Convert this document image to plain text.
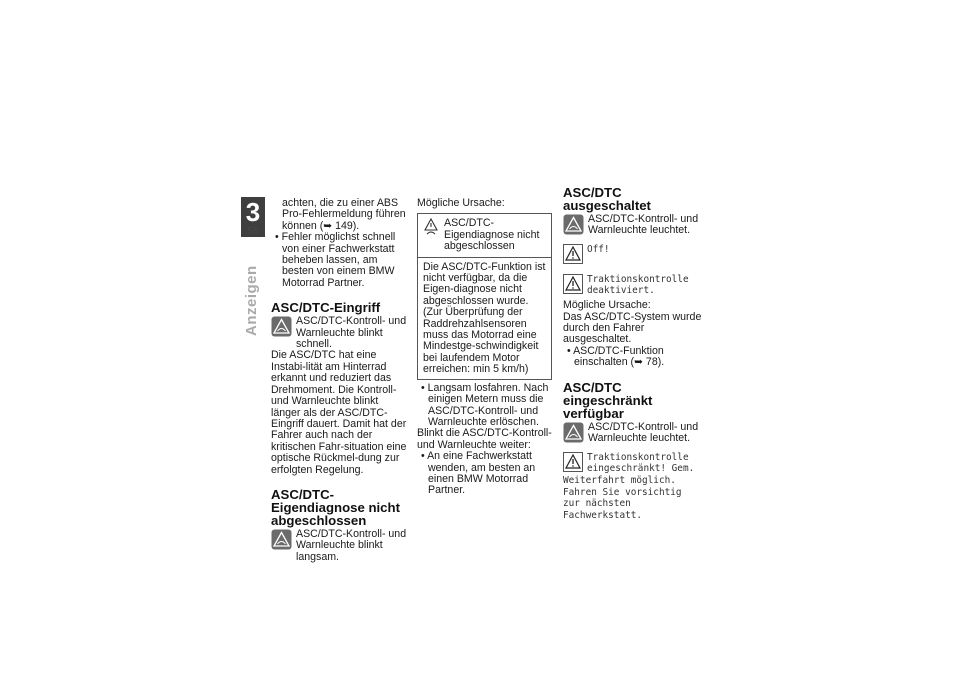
3
56
Anzeigen

achten, die zu einer ABS Pro-Fehlermeldung führen können (➥ 149).

• Fehler möglichst schnell von einer Fachwerkstatt beheben lassen, am besten von einem BMW Motorrad Partner.

ASC/DTC-Eingriff
ASC/DTC-Kontroll- und Warnleuchte blinkt schnell.

Die ASC/DTC hat eine Instabi-lität am Hinterrad erkannt und reduziert das Drehmoment. Die Kontroll- und Warnleuchte blinkt länger als der ASC/DTC-Eingriff dauert. Damit hat der Fahrer auch nach der kritischen Fahr-situation eine optische Rückmel-dung zur erfolgten Regelung.

ASC/DTC-Eigendiagnose nicht abgeschlossen
ASC/DTC-Kontroll- und Warnleuchte blinkt langsam.

Mögliche Ursache:

ASC/DTC-Eigendiagnose nicht abgeschlossen
Die ASC/DTC-Funktion ist nicht verfügbar, da die Eigen-diagnose nicht abgeschlossen wurde. (Zur Überprüfung der Raddrehzahlsensoren muss das Motorrad eine Mindestge-schwindigkeit bei laufendem Motor erreichen: min 5 km/h)

• Langsam losfahren. Nach einigen Metern muss die ASC/DTC-Kontroll- und Warnleuchte erlöschen.

Blinkt die ASC/DTC-Kontroll- und Warnleuchte weiter:

• An eine Fachwerkstatt wenden, am besten an einen BMW Motorrad Partner.

ASC/DTC ausgeschaltet
ASC/DTC-Kontroll- und Warnleuchte leuchtet.
Off!
Traktionskontrolle deaktiviert.

Mögliche Ursache:

Das ASC/DTC-System wurde durch den Fahrer ausgeschaltet.

• ASC/DTC-Funktion einschalten (➥ 78).

ASC/DTC eingeschränkt verfügbar
ASC/DTC-Kontroll- und Warnleuchte leuchtet.
Traktionskontrolle eingeschränkt! Gem.

Weiterfahrt möglich. Fahren Sie vorsichtig zur nächsten Fachwerkstatt.
